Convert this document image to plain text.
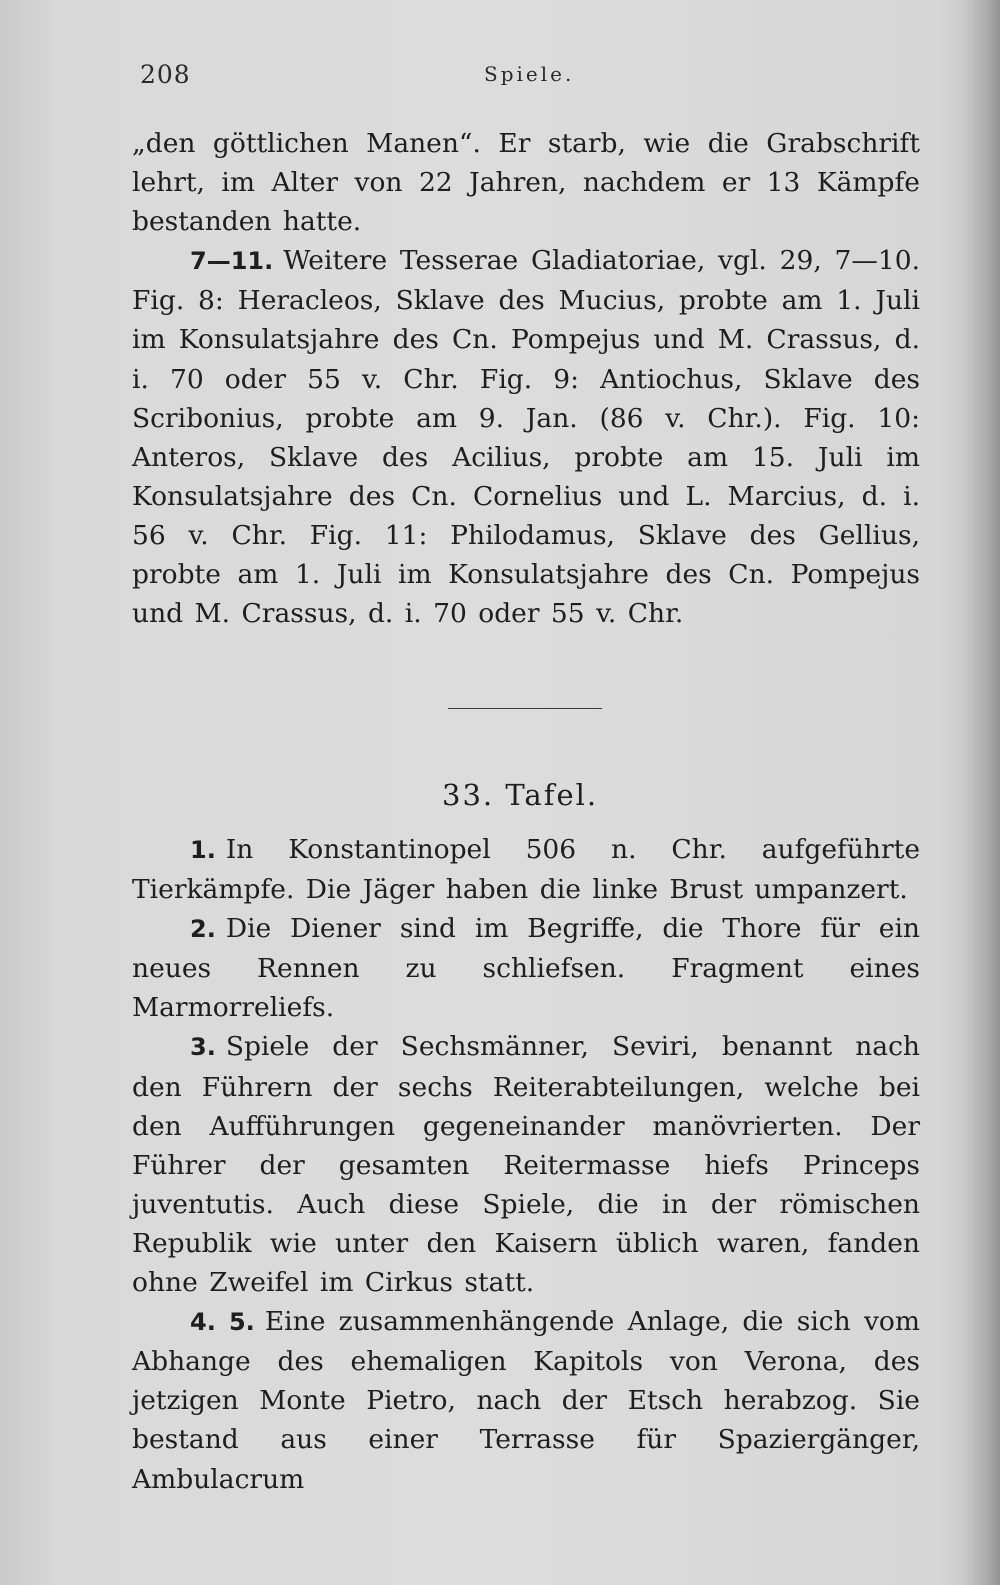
208	Spiele.

„den göttlichen Manen“. Er starb, wie die Grabschrift lehrt, im Alter von 22 Jahren, nachdem er 13 Kämpfe bestanden hatte.

7—11. Weitere Tesserae Gladiatoriae, vgl. 29, 7—10. Fig. 8: Heracleos, Sklave des Mucius, probte am 1. Juli im Konsulatsjahre des Cn. Pompejus und M. Crassus, d. i. 70 oder 55 v. Chr. Fig. 9: Antiochus, Sklave des Scribonius, probte am 9. Jan. (86 v. Chr.). Fig. 10: Anteros, Sklave des Acilius, probte am 15. Juli im Konsulatsjahre des Cn. Cornelius und L. Marcius, d. i. 56 v. Chr. Fig. 11: Philodamus, Sklave des Gellius, probte am 1. Juli im Konsulatsjahre des Cn. Pompejus und M. Crassus, d. i. 70 oder 55 v. Chr.

33. Tafel.

1. In Konstantinopel 506 n. Chr. aufgeführte Tierkämpfe. Die Jäger haben die linke Brust umpanzert.

2. Die Diener sind im Begriffe, die Thore für ein neues Rennen zu schliefsen. Fragment eines Marmorreliefs.

3. Spiele der Sechsmänner, Seviri, benannt nach den Führern der sechs Reiterabteilungen, welche bei den Aufführungen gegeneinander manövrierten. Der Führer der gesamten Reitermasse hiefs Princeps juventutis. Auch diese Spiele, die in der römischen Republik wie unter den Kaisern üblich waren, fanden ohne Zweifel im Cirkus statt.

4. 5. Eine zusammenhängende Anlage, die sich vom Abhange des ehemaligen Kapitols von Verona, des jetzigen Monte Pietro, nach der Etsch herabzog. Sie bestand aus einer Terrasse für Spaziergänger, Ambulacrum
